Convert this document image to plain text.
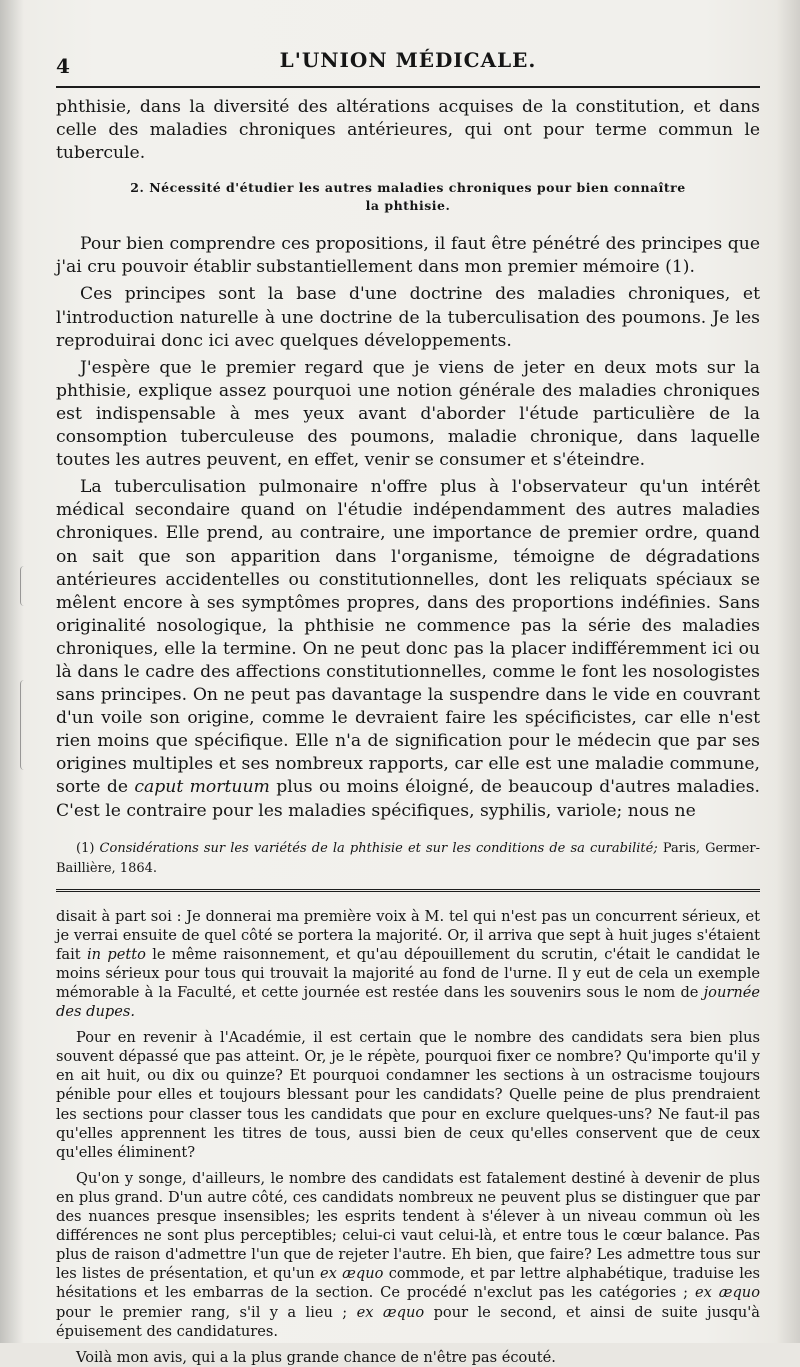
4	L'UNION MÉDICALE.

phthisie, dans la diversité des altérations acquises de la constitution, et dans celle des maladies chroniques antérieures, qui ont pour terme commun le tubercule.

2. Nécessité d'étudier les autres maladies chroniques pour bien connaître
la phthisie.

Pour bien comprendre ces propositions, il faut être pénétré des principes que j'ai cru pouvoir établir substantiellement dans mon premier mémoire (1).

Ces principes sont la base d'une doctrine des maladies chroniques, et l'introduction naturelle à une doctrine de la tuberculisation des poumons. Je les reproduirai donc ici avec quelques développements.

J'espère que le premier regard que je viens de jeter en deux mots sur la phthisie, explique assez pourquoi une notion générale des maladies chroniques est indispensable à mes yeux avant d'aborder l'étude particulière de la consomption tuberculeuse des poumons, maladie chronique, dans laquelle toutes les autres peuvent, en effet, venir se consumer et s'éteindre.

La tuberculisation pulmonaire n'offre plus à l'observateur qu'un intérêt médical secondaire quand on l'étudie indépendamment des autres maladies chroniques. Elle prend, au contraire, une importance de premier ordre, quand on sait que son apparition dans l'organisme, témoigne de dégradations antérieures accidentelles ou constitutionnelles, dont les reliquats spéciaux se mêlent encore à ses symptômes propres, dans des proportions indéfinies. Sans originalité nosologique, la phthisie ne commence pas la série des maladies chroniques, elle la termine. On ne peut donc pas la placer indifféremment ici ou là dans le cadre des affections constitutionnelles, comme le font les nosologistes sans principes. On ne peut pas davantage la suspendre dans le vide en couvrant d'un voile son origine, comme le devraient faire les spécificistes, car elle n'est rien moins que spécifique. Elle n'a de signification pour le médecin que par ses origines multiples et ses nombreux rapports, car elle est une maladie commune, sorte de caput mortuum plus ou moins éloigné, de beaucoup d'autres maladies. C'est le contraire pour les maladies spécifiques, syphilis, variole; nous ne

(1) Considérations sur les variétés de la phthisie et sur les conditions de sa curabilité; Paris, Germer-Baillière, 1864.

disait à part soi : Je donnerai ma première voix à M. tel qui n'est pas un concurrent sérieux, et je verrai ensuite de quel côté se portera la majorité. Or, il arriva que sept à huit juges s'étaient fait in petto le même raisonnement, et qu'au dépouillement du scrutin, c'était le candidat le moins sérieux pour tous qui trouvait la majorité au fond de l'urne. Il y eut de cela un exemple mémorable à la Faculté, et cette journée est restée dans les souvenirs sous le nom de journée des dupes.

Pour en revenir à l'Académie, il est certain que le nombre des candidats sera bien plus souvent dépassé que pas atteint. Or, je le répète, pourquoi fixer ce nombre? Qu'importe qu'il y en ait huit, ou dix ou quinze? Et pourquoi condamner les sections à un ostracisme toujours pénible pour elles et toujours blessant pour les candidats? Quelle peine de plus prendraient les sections pour classer tous les candidats que pour en exclure quelques-uns? Ne faut-il pas qu'elles apprennent les titres de tous, aussi bien de ceux qu'elles conservent que de ceux qu'elles éliminent?

Qu'on y songe, d'ailleurs, le nombre des candidats est fatalement destiné à devenir de plus en plus grand. D'un autre côté, ces candidats nombreux ne peuvent plus se distinguer que par des nuances presque insensibles; les esprits tendent à s'élever à un niveau commun où les différences ne sont plus perceptibles; celui-ci vaut celui-là, et entre tous le cœur balance. Pas plus de raison d'admettre l'un que de rejeter l'autre. Eh bien, que faire? Les admettre tous sur les listes de présentation, et qu'un ex æquo commode, et par lettre alphabétique, traduise les hésitations et les embarras de la section. Ce procédé n'exclut pas les catégories ; ex æquo pour le premier rang, s'il y a lieu ; ex æquo pour le second, et ainsi de suite jusqu'à épuisement des candidatures.

Voilà mon avis, qui a la plus grande chance de n'être pas écouté.
